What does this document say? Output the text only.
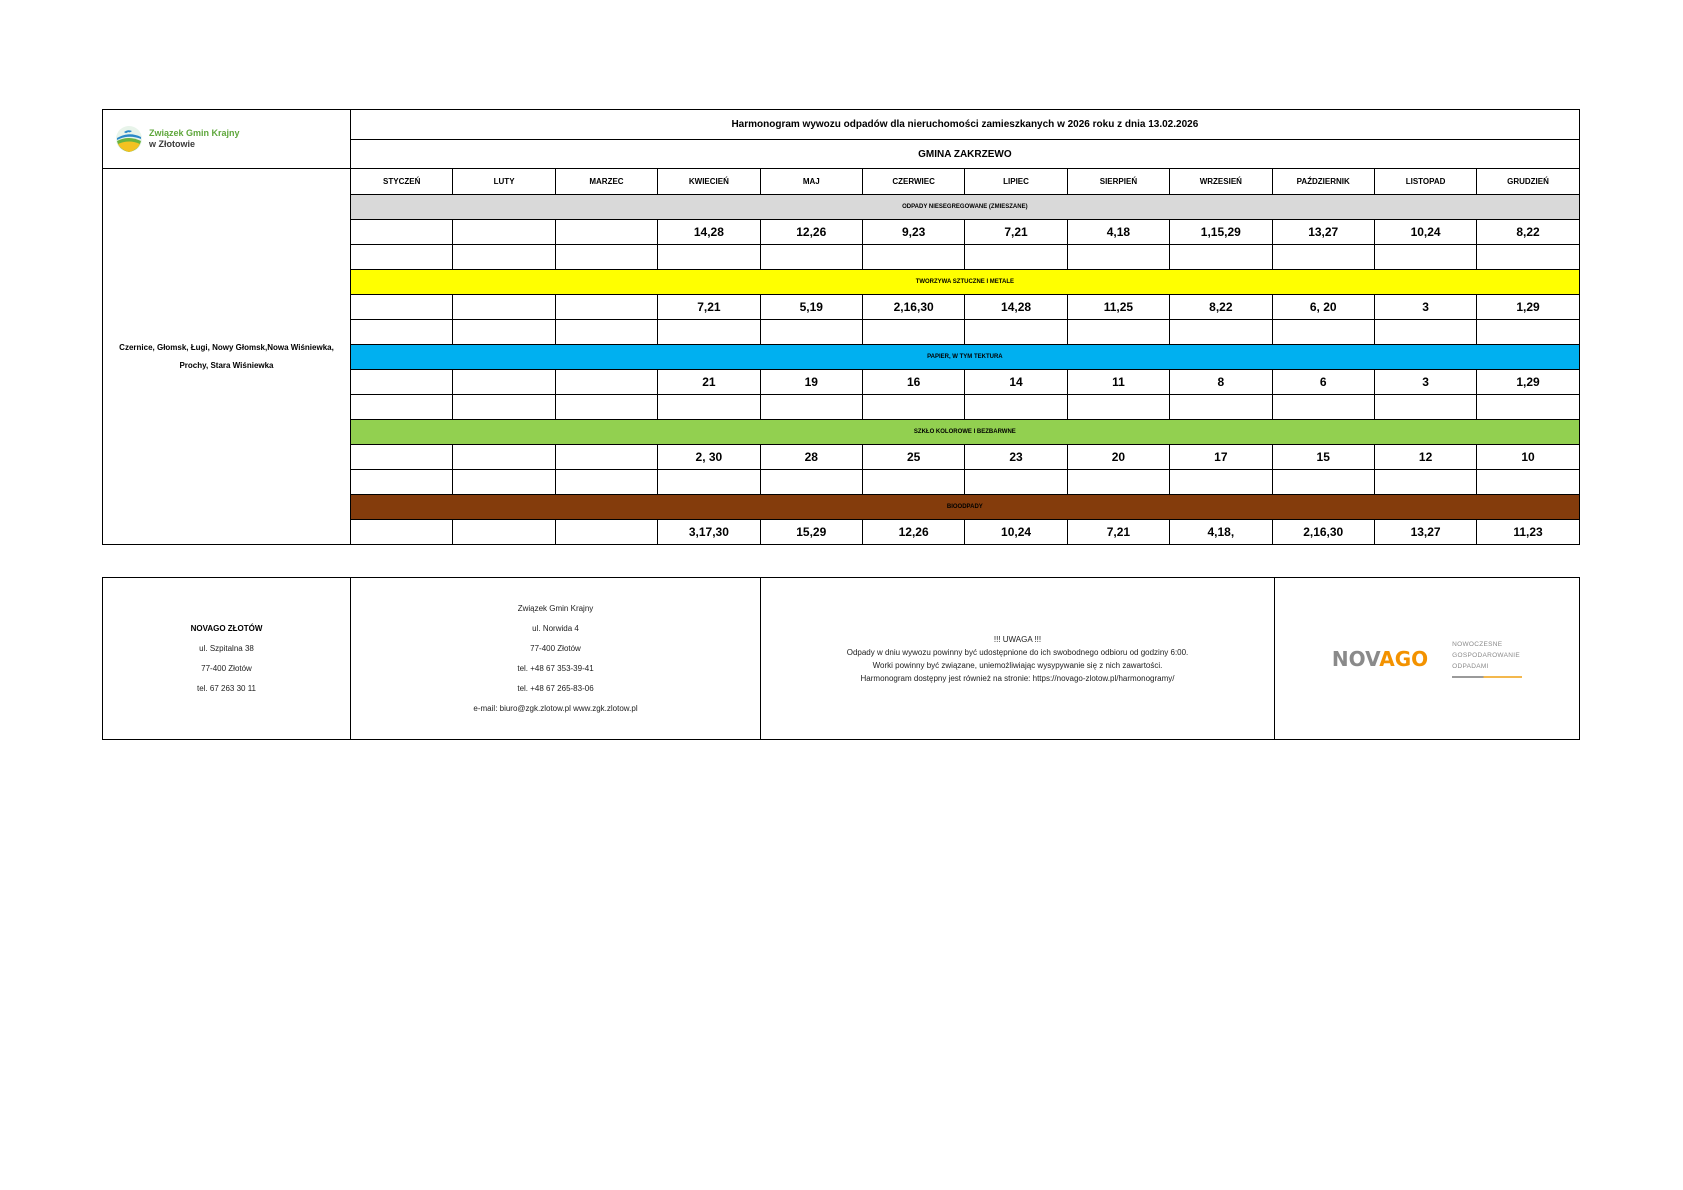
Związek Gmin Krajny
w Złotowie	Harmonogram wywozu odpadów dla nieruchomości zamieszkanych w 2026 roku z dnia 13.02.2026											
	GMINA ZAKRZEWO											
Czernice, Głomsk, Ługi, Nowy Głomsk,Nowa Wiśniewka, Prochy, Stara Wiśniewka	STYCZEŃ	LUTY	MARZEC	KWIECIEŃ	MAJ	CZERWIEC	LIPIEC	SIERPIEŃ	WRZESIEŃ	PAŹDZIERNIK	LISTOPAD	GRUDZIEŃ
	ODPADY NIESEGREGOWANE (ZMIESZANE)											
				14,28	12,26	9,23	7,21	4,18	1,15,29	13,27	10,24	8,22

	TWORZYWA SZTUCZNE I METALE											
				7,21	5,19	2,16,30	14,28	11,25	8,22	6, 20	3	1,29

	PAPIER, W TYM TEKTURA											
				21	19	16	14	11	8	6	3	1,29

	SZKŁO KOLOROWE I BEZBARWNE											
				2, 30	28	25	23	20	17	15	12	10

	BIOODPADY											
				3,17,30	15,29	12,26	10,24	7,21	4,18,	2,16,30	13,27	11,23
NOVAGO ZŁOTÓW
ul. Szpitalna 38
77-400 Złotów
tel. 67 263 30 11

Związek Gmin Krajny
ul. Norwida 4
77-400 Złotów
tel. +48 67 353-39-41
tel. +48 67 265-83-06
e-mail: biuro@zgk.zlotow.pl www.zgk.zlotow.pl

!!! UWAGA !!!
Odpady w dniu wywozu powinny być udostępnione do ich swobodnego odbioru od godziny 6:00.
Worki powinny być związane, uniemożliwiając wysypywanie się z nich zawartości.
Harmonogram dostępny jest również na stronie: https://novago-zlotow.pl/harmonogramy/

NOVAGO
NOWOCZESNE
GOSPODAROWANIE
ODPADAMI
